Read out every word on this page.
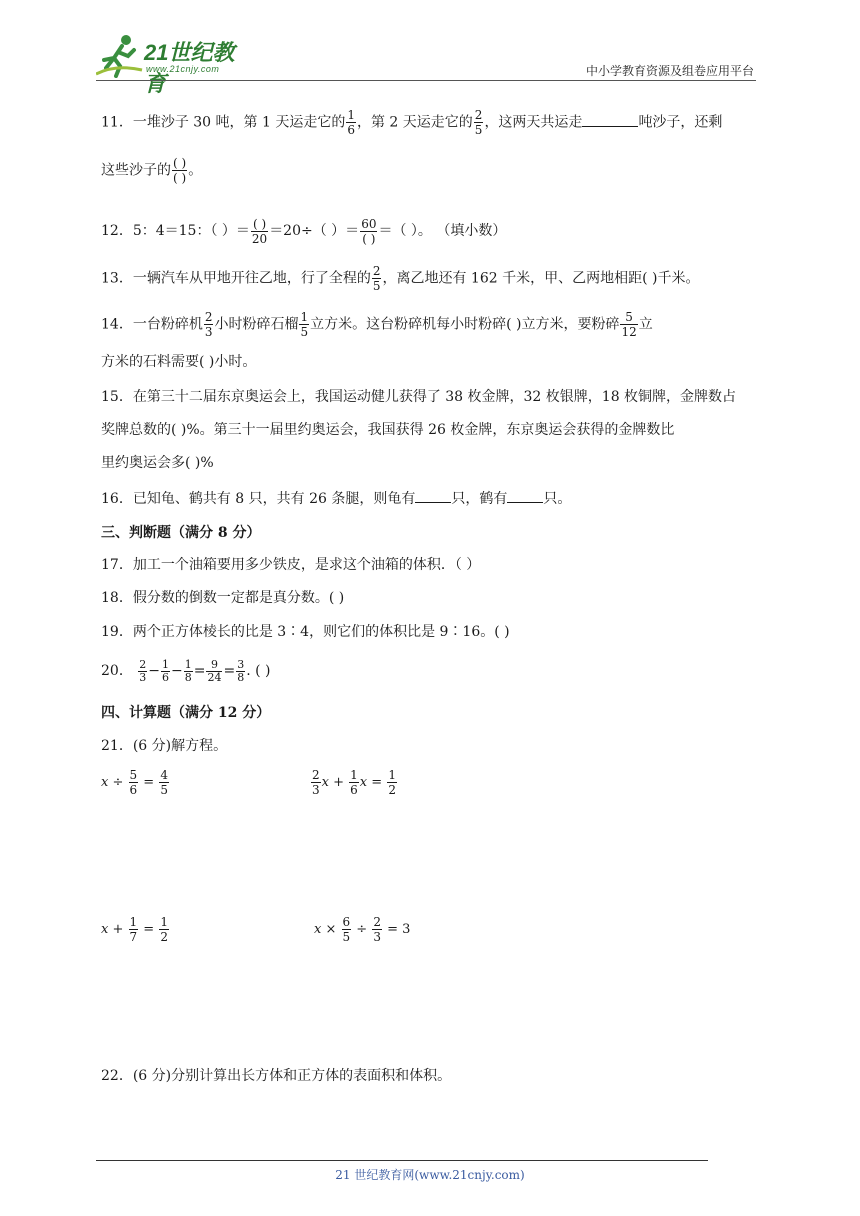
21世纪教育
www.21cnjy.com	中小学教育资源及组卷应用平台
11．一堆沙子 30 吨，第 1 天运走它的 $\frac{1}{6}$ ，第 2 天运走它的 $\frac{2}{5}$ ，这两天共运走	吨沙子，还剩
这些沙子的 $\frac{( )}{( )}$ 。
12．5：4＝15：（ ）＝ $\frac{( )}{20} =20\div$（ ）＝ $\frac{60}{( )}$ ＝（ ）。 （填小数）
13．一辆汽车从甲地开往乙地，行了全程的 $\frac{2}{5}$ ，离乙地还有 162 千米，甲、乙两地相距( )千米。
14．一台粉碎机 $\frac{2}{3}$ 小时粉碎石榴 $\frac{1}{5}$ 立方米。这台粉碎机每小时粉碎( )立方米，要粉碎 $\frac{5}{12}$ 立
方米的石料需要( )小时。
15．在第三十二届东京奥运会上，我国运动健儿获得了 38 枚金牌，32 枚银牌，18 枚铜牌，金牌数占
奖牌总数的( )%。第三十一届里约奥运会，我国获得 26 枚金牌，东京奥运会获得的金牌数比
里约奥运会多( )%
16．已知龟、鹤共有 8 只，共有 26 条腿，则龟有	只，鹤有	只。
三、判断题（满分 8 分）
17．加工一个油箱要用多少铁皮，是求这个油箱的体积．（ ）
18．假分数的倒数一定都是真分数。( )
19．两个正方体棱长的比是 3∶4，则它们的体积比是 9∶16。( )
20． $\frac{2}{3} - \frac{1}{6} - \frac{1}{8} = \frac{9}{24} = \frac{3}{8}$ . ( )
四、计算题（满分 12 分）
21．(6 分)解方程。
$x \div \frac{5}{6} = \frac{4}{5}$	$\frac{2}{3}$ $x + \frac{1}{6}$ $x = \frac{1}{2}$
$x + \frac{1}{7} = \frac{1}{2}$	$x \times \frac{6}{5} \div \frac{2}{3} = 3$
22．(6 分)分别计算出长方体和正方体的表面积和体积。
21 世纪教育网(www.21cnjy.com)
